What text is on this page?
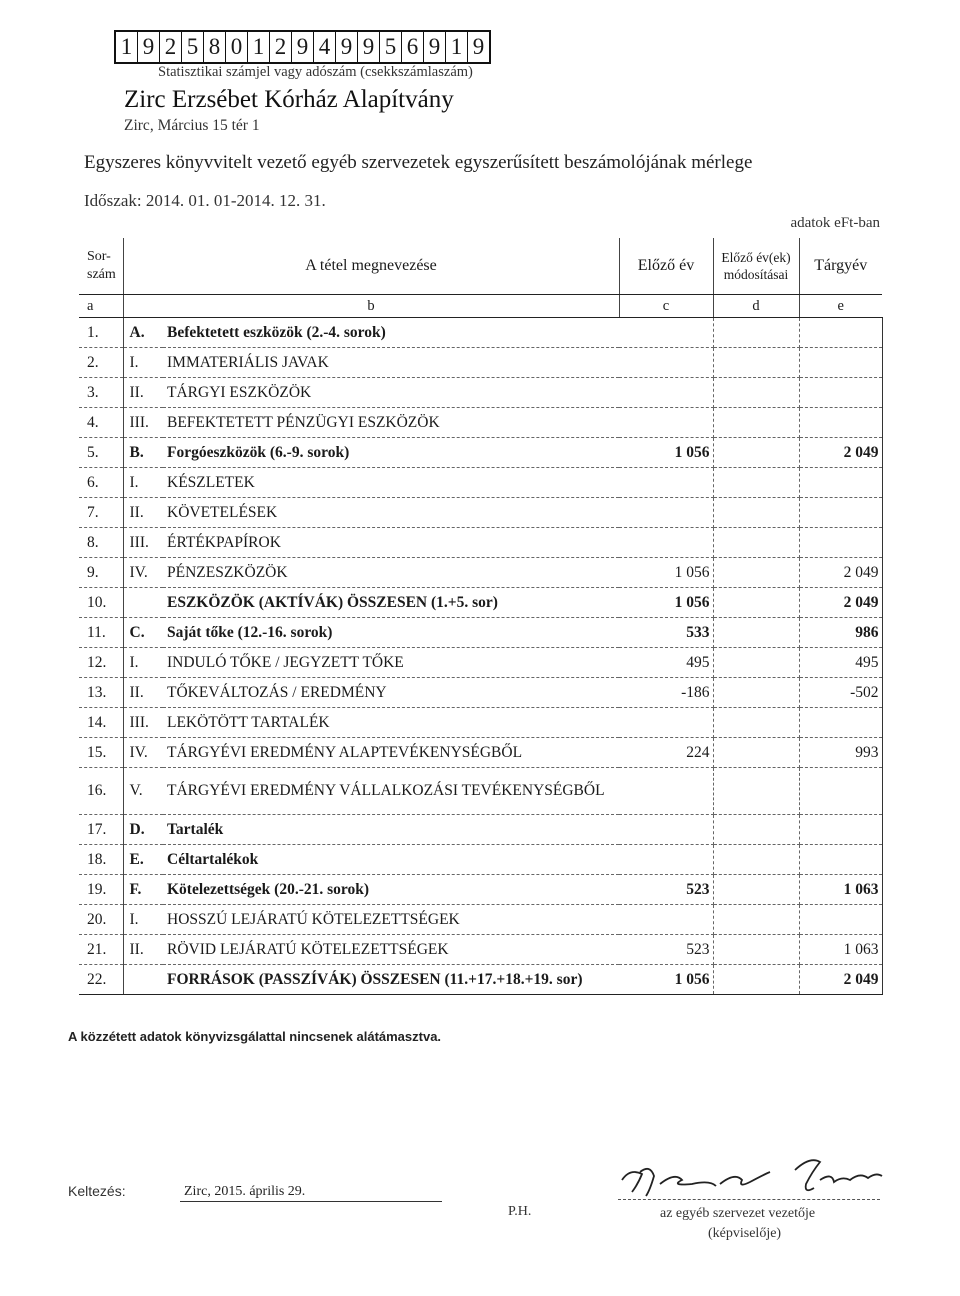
1 9 2 5 8 0 1 2 9 4 9 9 5 6 9 1 9
Statisztikai számjel vagy adószám (csekkszámlaszám)
Zirc Erzsébet Kórház Alapítvány
Zirc, Március 15 tér 1
Egyszeres könyvvitelt vezető egyéb szervezetek egyszerűsített beszámolójának mérlege
Időszak: 2014. 01. 01-2014. 12. 31.
adatok eFt-ban
Sor-szám	A tétel megnevezése		Előző év	Előző év(ek) módosításai	Tárgyév
a	b		c	d	e
1.	A.	Befektetett eszközök (2.-4. sorok)			
2.	I.	IMMATERIÁLIS JAVAK			
3.	II.	TÁRGYI ESZKÖZÖK			
4.	III.	BEFEKTETETT PÉNZÜGYI ESZKÖZÖK			
5.	B.	Forgóeszközök (6.-9. sorok)	1 056		2 049
6.	I.	KÉSZLETEK			
7.	II.	KÖVETELÉSEK			
8.	III.	ÉRTÉKPAPÍROK			
9.	IV.	PÉNZESZKÖZÖK	1 056		2 049
10.		ESZKÖZÖK (AKTÍVÁK) ÖSSZESEN (1.+5. sor)	1 056		2 049
11.	C.	Saját tőke (12.-16. sorok)	533		986
12.	I.	INDULÓ TŐKE / JEGYZETT TŐKE	495		495
13.	II.	TŐKEVÁLTOZÁS / EREDMÉNY	-186		-502
14.	III.	LEKÖTÖTT TARTALÉK			
15.	IV.	TÁRGYÉVI EREDMÉNY ALAPTEVÉKENYSÉGBŐL	224		993
16.	V.	TÁRGYÉVI EREDMÉNY VÁLLALKOZÁSI TEVÉKENYSÉGBŐL			
17.	D.	Tartalék			
18.	E.	Céltartalékok			
19.	F.	Kötelezettségek (20.-21. sorok)	523		1 063
20.	I.	HOSSZÚ LEJÁRATÚ KÖTELEZETTSÉGEK			
21.	II.	RÖVID LEJÁRATÚ KÖTELEZETTSÉGEK	523		1 063
22.		FORRÁSOK (PASSZÍVÁK) ÖSSZESEN (11.+17.+18.+19. sor)	1 056		2 049
A közzétett adatok könyvizsgálattal nincsenek alátámasztva.
Keltezés:	Zirc, 2015. április 29.
P.H.	az egyéb szervezet vezetője
(képviselője)
